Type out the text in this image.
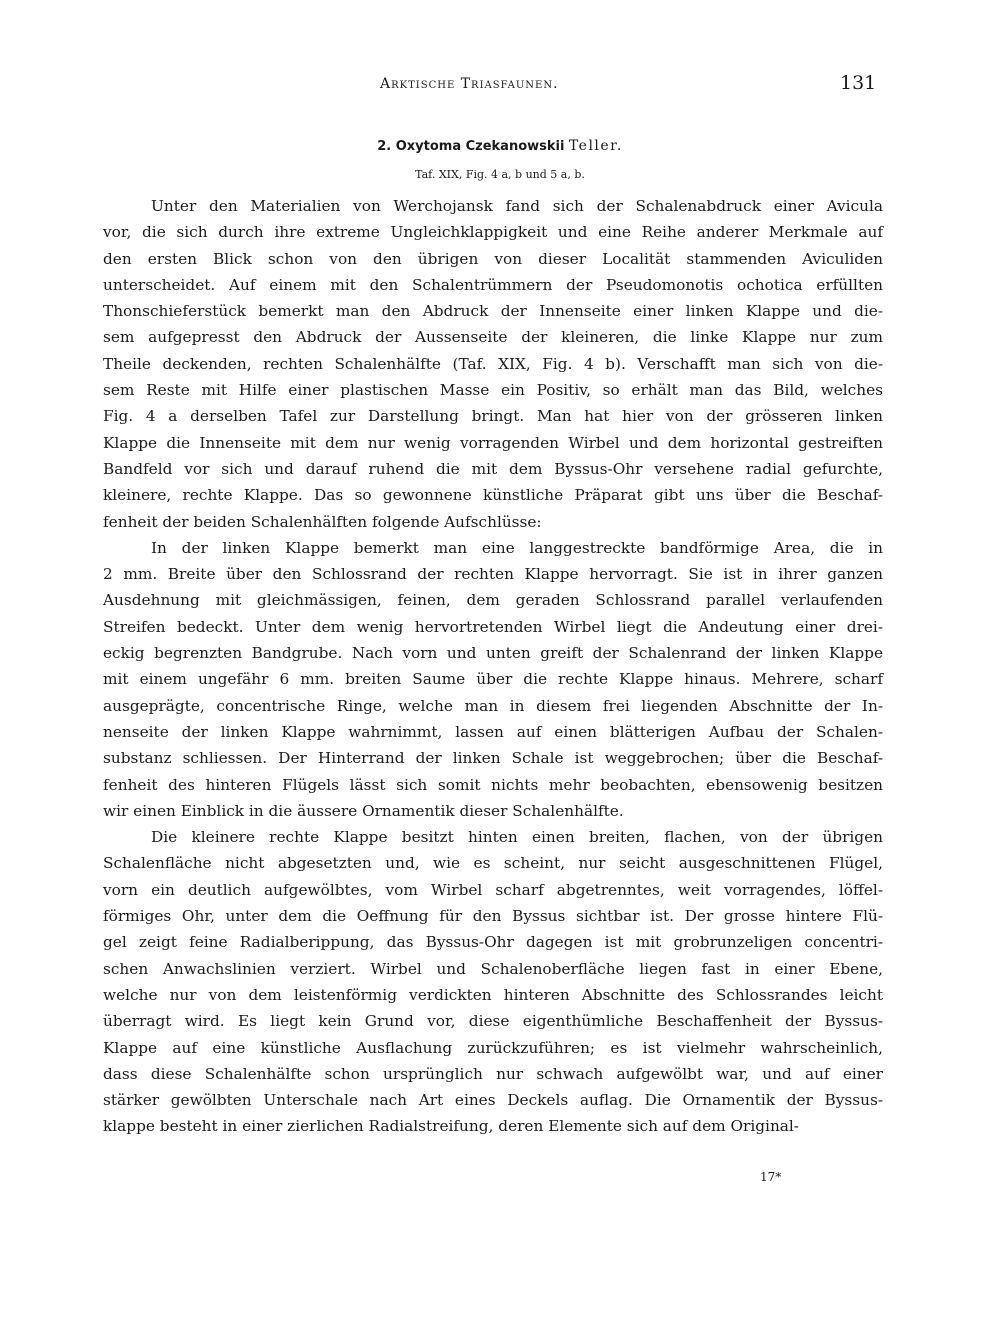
Arktische Triasfaunen.	131
2. Oxytoma Czekanowskii Teller.
Taf. XIX, Fig. 4 a, b und 5 a, b.
Unter den Materialien von Werchojansk fand sich der Schalenabdruck einer Avicula
vor, die sich durch ihre extreme Ungleichklappigkeit und eine Reihe anderer Merkmale auf
den ersten Blick schon von den übrigen von dieser Localität stammenden Aviculiden
unterscheidet. Auf einem mit den Schalentrümmern der Pseudomonotis ochotica erfüllten
Thonschieferstück bemerkt man den Abdruck der Innenseite einer linken Klappe und die-
sem aufgepresst den Abdruck der Aussenseite der kleineren, die linke Klappe nur zum
Theile deckenden, rechten Schalenhälfte (Taf. XIX, Fig. 4 b). Verschafft man sich von die-
sem Reste mit Hilfe einer plastischen Masse ein Positiv, so erhält man das Bild, welches
Fig. 4 a derselben Tafel zur Darstellung bringt. Man hat hier von der grösseren linken
Klappe die Innenseite mit dem nur wenig vorragenden Wirbel und dem horizontal gestreiften
Bandfeld vor sich und darauf ruhend die mit dem Byssus-Ohr versehene radial gefurchte,
kleinere, rechte Klappe. Das so gewonnene künstliche Präparat gibt uns über die Beschaf-
fenheit der beiden Schalenhälften folgende Aufschlüsse:
In der linken Klappe bemerkt man eine langgestreckte bandförmige Area, die in
2 mm. Breite über den Schlossrand der rechten Klappe hervorragt. Sie ist in ihrer ganzen
Ausdehnung mit gleichmässigen, feinen, dem geraden Schlossrand parallel verlaufenden
Streifen bedeckt. Unter dem wenig hervortretenden Wirbel liegt die Andeutung einer drei-
eckig begrenzten Bandgrube. Nach vorn und unten greift der Schalenrand der linken Klappe
mit einem ungefähr 6 mm. breiten Saume über die rechte Klappe hinaus. Mehrere, scharf
ausgeprägte, concentrische Ringe, welche man in diesem frei liegenden Abschnitte der In-
nenseite der linken Klappe wahrnimmt, lassen auf einen blätterigen Aufbau der Schalen-
substanz schliessen. Der Hinterrand der linken Schale ist weggebrochen; über die Beschaf-
fenheit des hinteren Flügels lässt sich somit nichts mehr beobachten, ebensowenig besitzen
wir einen Einblick in die äussere Ornamentik dieser Schalenhälfte.
Die kleinere rechte Klappe besitzt hinten einen breiten, flachen, von der übrigen
Schalenfläche nicht abgesetzten und, wie es scheint, nur seicht ausgeschnittenen Flügel,
vorn ein deutlich aufgewölbtes, vom Wirbel scharf abgetrenntes, weit vorragendes, löffel-
förmiges Ohr, unter dem die Oeffnung für den Byssus sichtbar ist. Der grosse hintere Flü-
gel zeigt feine Radialberippung, das Byssus-Ohr dagegen ist mit grobrunzeligen concentri-
schen Anwachslinien verziert. Wirbel und Schalenoberfläche liegen fast in einer Ebene,
welche nur von dem leistenförmig verdickten hinteren Abschnitte des Schlossrandes leicht
überragt wird. Es liegt kein Grund vor, diese eigenthümliche Beschaffenheit der Byssus-
Klappe auf eine künstliche Ausflachung zurückzuführen; es ist vielmehr wahrscheinlich,
dass diese Schalenhälfte schon ursprünglich nur schwach aufgewölbt war, und auf einer
stärker gewölbten Unterschale nach Art eines Deckels auflag. Die Ornamentik der Byssus-
klappe besteht in einer zierlichen Radialstreifung, deren Elemente sich auf dem Original-
17*
